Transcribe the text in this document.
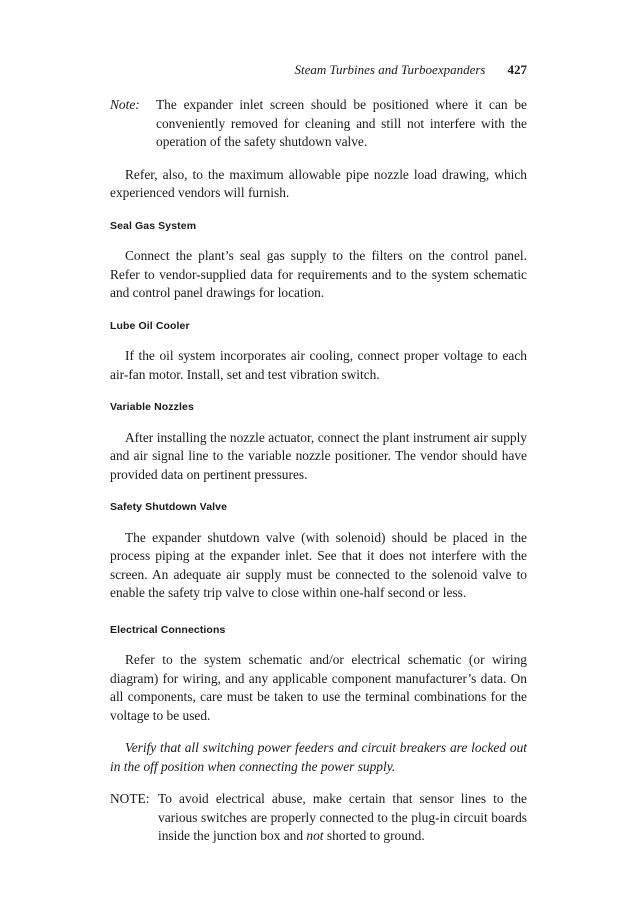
Steam Turbines and Turboexpanders 427
Note:	The expander inlet screen should be positioned where it can be conveniently removed for cleaning and still not interfere with the operation of the safety shutdown valve.

Refer, also, to the maximum allowable pipe nozzle load drawing, which experienced vendors will furnish.

Seal Gas System

Connect the plant’s seal gas supply to the filters on the control panel. Refer to vendor-supplied data for requirements and to the system schematic and control panel drawings for location.

Lube Oil Cooler

If the oil system incorporates air cooling, connect proper voltage to each air-fan motor. Install, set and test vibration switch.

Variable Nozzles

After installing the nozzle actuator, connect the plant instrument air supply and air signal line to the variable nozzle positioner. The vendor should have provided data on pertinent pressures.

Safety Shutdown Valve

The expander shutdown valve (with solenoid) should be placed in the process piping at the expander inlet. See that it does not interfere with the screen. An adequate air supply must be connected to the solenoid valve to enable the safety trip valve to close within one-half second or less.

Electrical Connections

Refer to the system schematic and/or electrical schematic (or wiring diagram) for wiring, and any applicable component manufacturer’s data. On all components, care must be taken to use the terminal combinations for the voltage to be used.

Verify that all switching power feeders and circuit breakers are locked out in the off position when connecting the power supply.

NOTE: To avoid electrical abuse, make certain that sensor lines to the various switches are properly connected to the plug-in circuit boards inside the junction box and not shorted to ground.
